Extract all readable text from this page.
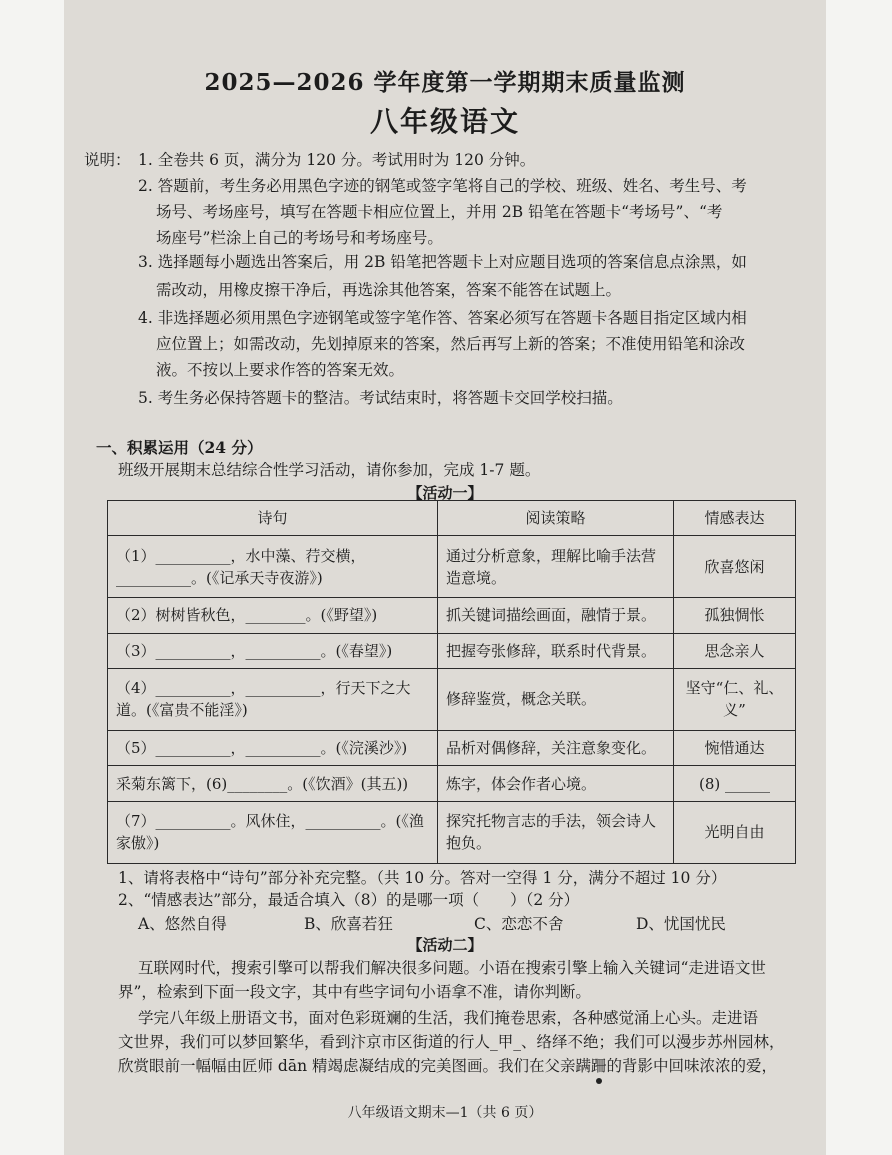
2025—2026 学年度第一学期期末质量监测
八年级语文
说明： 1. 全卷共 6 页，满分为 120 分。考试用时为 120 分钟。
2. 答题前，考生务必用黑色字迹的钢笔或签字笔将自己的学校、班级、姓名、考生号、考
场号、考场座号，填写在答题卡相应位置上，并用 2B 铅笔在答题卡“考场号”、“考
场座号”栏涂上自己的考场号和考场座号。
3. 选择题每小题选出答案后，用 2B 铅笔把答题卡上对应题目选项的答案信息点涂黑，如
需改动，用橡皮擦干净后，再选涂其他答案，答案不能答在试题上。
4. 非选择题必须用黑色字迹钢笔或签字笔作答、答案必须写在答题卡各题目指定区域内相
应位置上；如需改动，先划掉原来的答案，然后再写上新的答案；不准使用铅笔和涂改
液。不按以上要求作答的答案无效。
5. 考生务必保持答题卡的整洁。考试结束时，将答题卡交回学校扫描。
一、积累运用（24 分）
班级开展期末总结综合性学习活动，请你参加，完成 1-7 题。
【活动一】
诗句	阅读策略	情感表达
（1）__________，水中藻、荇交横，__________。(《记承天寺夜游》)	通过分析意象，理解比喻手法营造意境。	欣喜悠闲
（2）树树皆秋色，________。(《野望》)	抓关键词描绘画面，融情于景。	孤独惆怅
（3）__________，__________。(《春望》)	把握夸张修辞，联系时代背景。	思念亲人
（4）__________，__________，行天下之大道。(《富贵不能淫》)	修辞鉴赏，概念关联。	坚守“仁、礼、义”
（5）__________，__________。(《浣溪沙》)	品析对偶修辞，关注意象变化。	惋惜通达
采菊东篱下，(6)________。(《饮酒》(其五))	炼字，体会作者心境。	(8) ______
（7）__________。风休住，__________。(《渔家傲》)	探究托物言志的手法，领会诗人抱负。	光明自由
1、请将表格中“诗句”部分补充完整。（共 10 分。答对一空得 1 分，满分不超过 10 分）
2、“情感表达”部分，最适合填入（8）的是哪一项（　　）（2 分）
A、悠然自得	B、欣喜若狂	C、恋恋不舍	D、忧国忧民
【活动二】
互联网时代，搜索引擎可以帮我们解决很多问题。小语在搜索引擎上输入关键词“走进语文世
界”，检索到下面一段文字，其中有些字词句小语拿不准，请你判断。
学完八年级上册语文书，面对色彩斑斓的生活，我们掩卷思索，各种感觉涌上心头。走进语
文世界，我们可以梦回繁华，看到汴京市区街道的行人_甲_、络绎不绝；我们可以漫步苏州园林，
欣赏眼前一幅幅由匠师 dān 精竭虑凝结成的完美图画。我们在父亲蹒跚的背影中回味浓浓的爱，
八年级语文期末—1（共 6 页）
